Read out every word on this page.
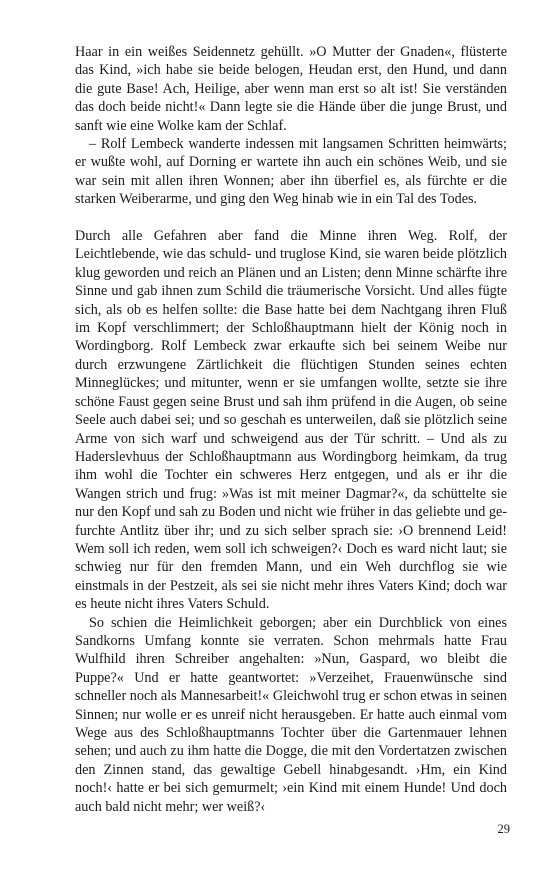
Haar in ein weißes Seidennetz gehüllt. »O Mutter der Gnaden«, flüsterte das Kind, »ich habe sie beide belogen, Heudan erst, den Hund, und dann die gute Base! Ach, Heilige, aber wenn man erst so alt ist! Sie verständen das doch beide nicht!« Dann legte sie die Hände über die junge Brust, und sanft wie eine Wolke kam der Schlaf.

– Rolf Lembeck wanderte indessen mit langsamen Schritten heimwärts; er wußte wohl, auf Dorning er wartete ihn auch ein schönes Weib, und sie war sein mit allen ihren Wonnen; aber ihn überfiel es, als fürchte er die starken Weiberarme, und ging den Weg hinab wie in ein Tal des Todes.

Durch alle Gefahren aber fand die Minne ihren Weg. Rolf, der Leichtlebende, wie das schuld- und truglose Kind, sie waren beide plötzlich klug geworden und reich an Plänen und an Listen; denn Minne schärfte ihre Sinne und gab ihnen zum Schild die träumerische Vorsicht. Und alles fügte sich, als ob es helfen sollte: die Base hatte bei dem Nachtgang ihren Fluß im Kopf verschlimmert; der Schloßhauptmann hielt der König noch in Wordingborg. Rolf Lembeck zwar erkaufte sich bei seinem Weibe nur durch erzwungene Zärtlichkeit die flüchtigen Stunden seines echten Minneglückes; und mitunter, wenn er sie umfangen wollte, setzte sie ihre schöne Faust gegen seine Brust und sah ihm prüfend in die Augen, ob seine Seele auch dabei sei; und so geschah es unterweilen, daß sie plötzlich seine Arme von sich warf und schweigend aus der Tür schritt. – Und als zu Haderslevhuus der Schloßhauptmann aus Wordingborg heimkam, da trug ihm wohl die Tochter ein schweres Herz entgegen, und als er ihr die Wangen strich und frug: »Was ist mit meiner Dagmar?«, da schüttelte sie nur den Kopf und sah zu Boden und nicht wie früher in das geliebte und gefurchte Antlitz über ihr; und zu sich selber sprach sie: ›O brennend Leid! Wem soll ich reden, wem soll ich schweigen?‹ Doch es ward nicht laut; sie schwieg nur für den fremden Mann, und ein Weh durchflog sie wie einstmals in der Pestzeit, als sei sie nicht mehr ihres Vaters Kind; doch war es heute nicht ihres Vaters Schuld.

So schien die Heimlichkeit geborgen; aber ein Durchblick von eines Sandkorns Umfang konnte sie verraten. Schon mehrmals hatte Frau Wulfhild ihren Schreiber angehalten: »Nun, Gaspard, wo bleibt die Puppe?« Und er hatte geantwortet: »Verzeihet, Frauenwünsche sind schneller noch als Mannesarbeit!« Gleichwohl trug er schon etwas in seinen Sinnen; nur wolle er es unreif nicht herausgeben. Er hatte auch einmal vom Wege aus des Schloßhauptmanns Tochter über die Gartenmauer lehnen sehen; und auch zu ihm hatte die Dogge, die mit den Vordertatzen zwischen den Zinnen stand, das gewaltige Gebell hinabgesandt. ›Hm, ein Kind noch!‹ hatte er bei sich gemurmelt; ›ein Kind mit einem Hunde! Und doch auch bald nicht mehr; wer weiß?‹

29
